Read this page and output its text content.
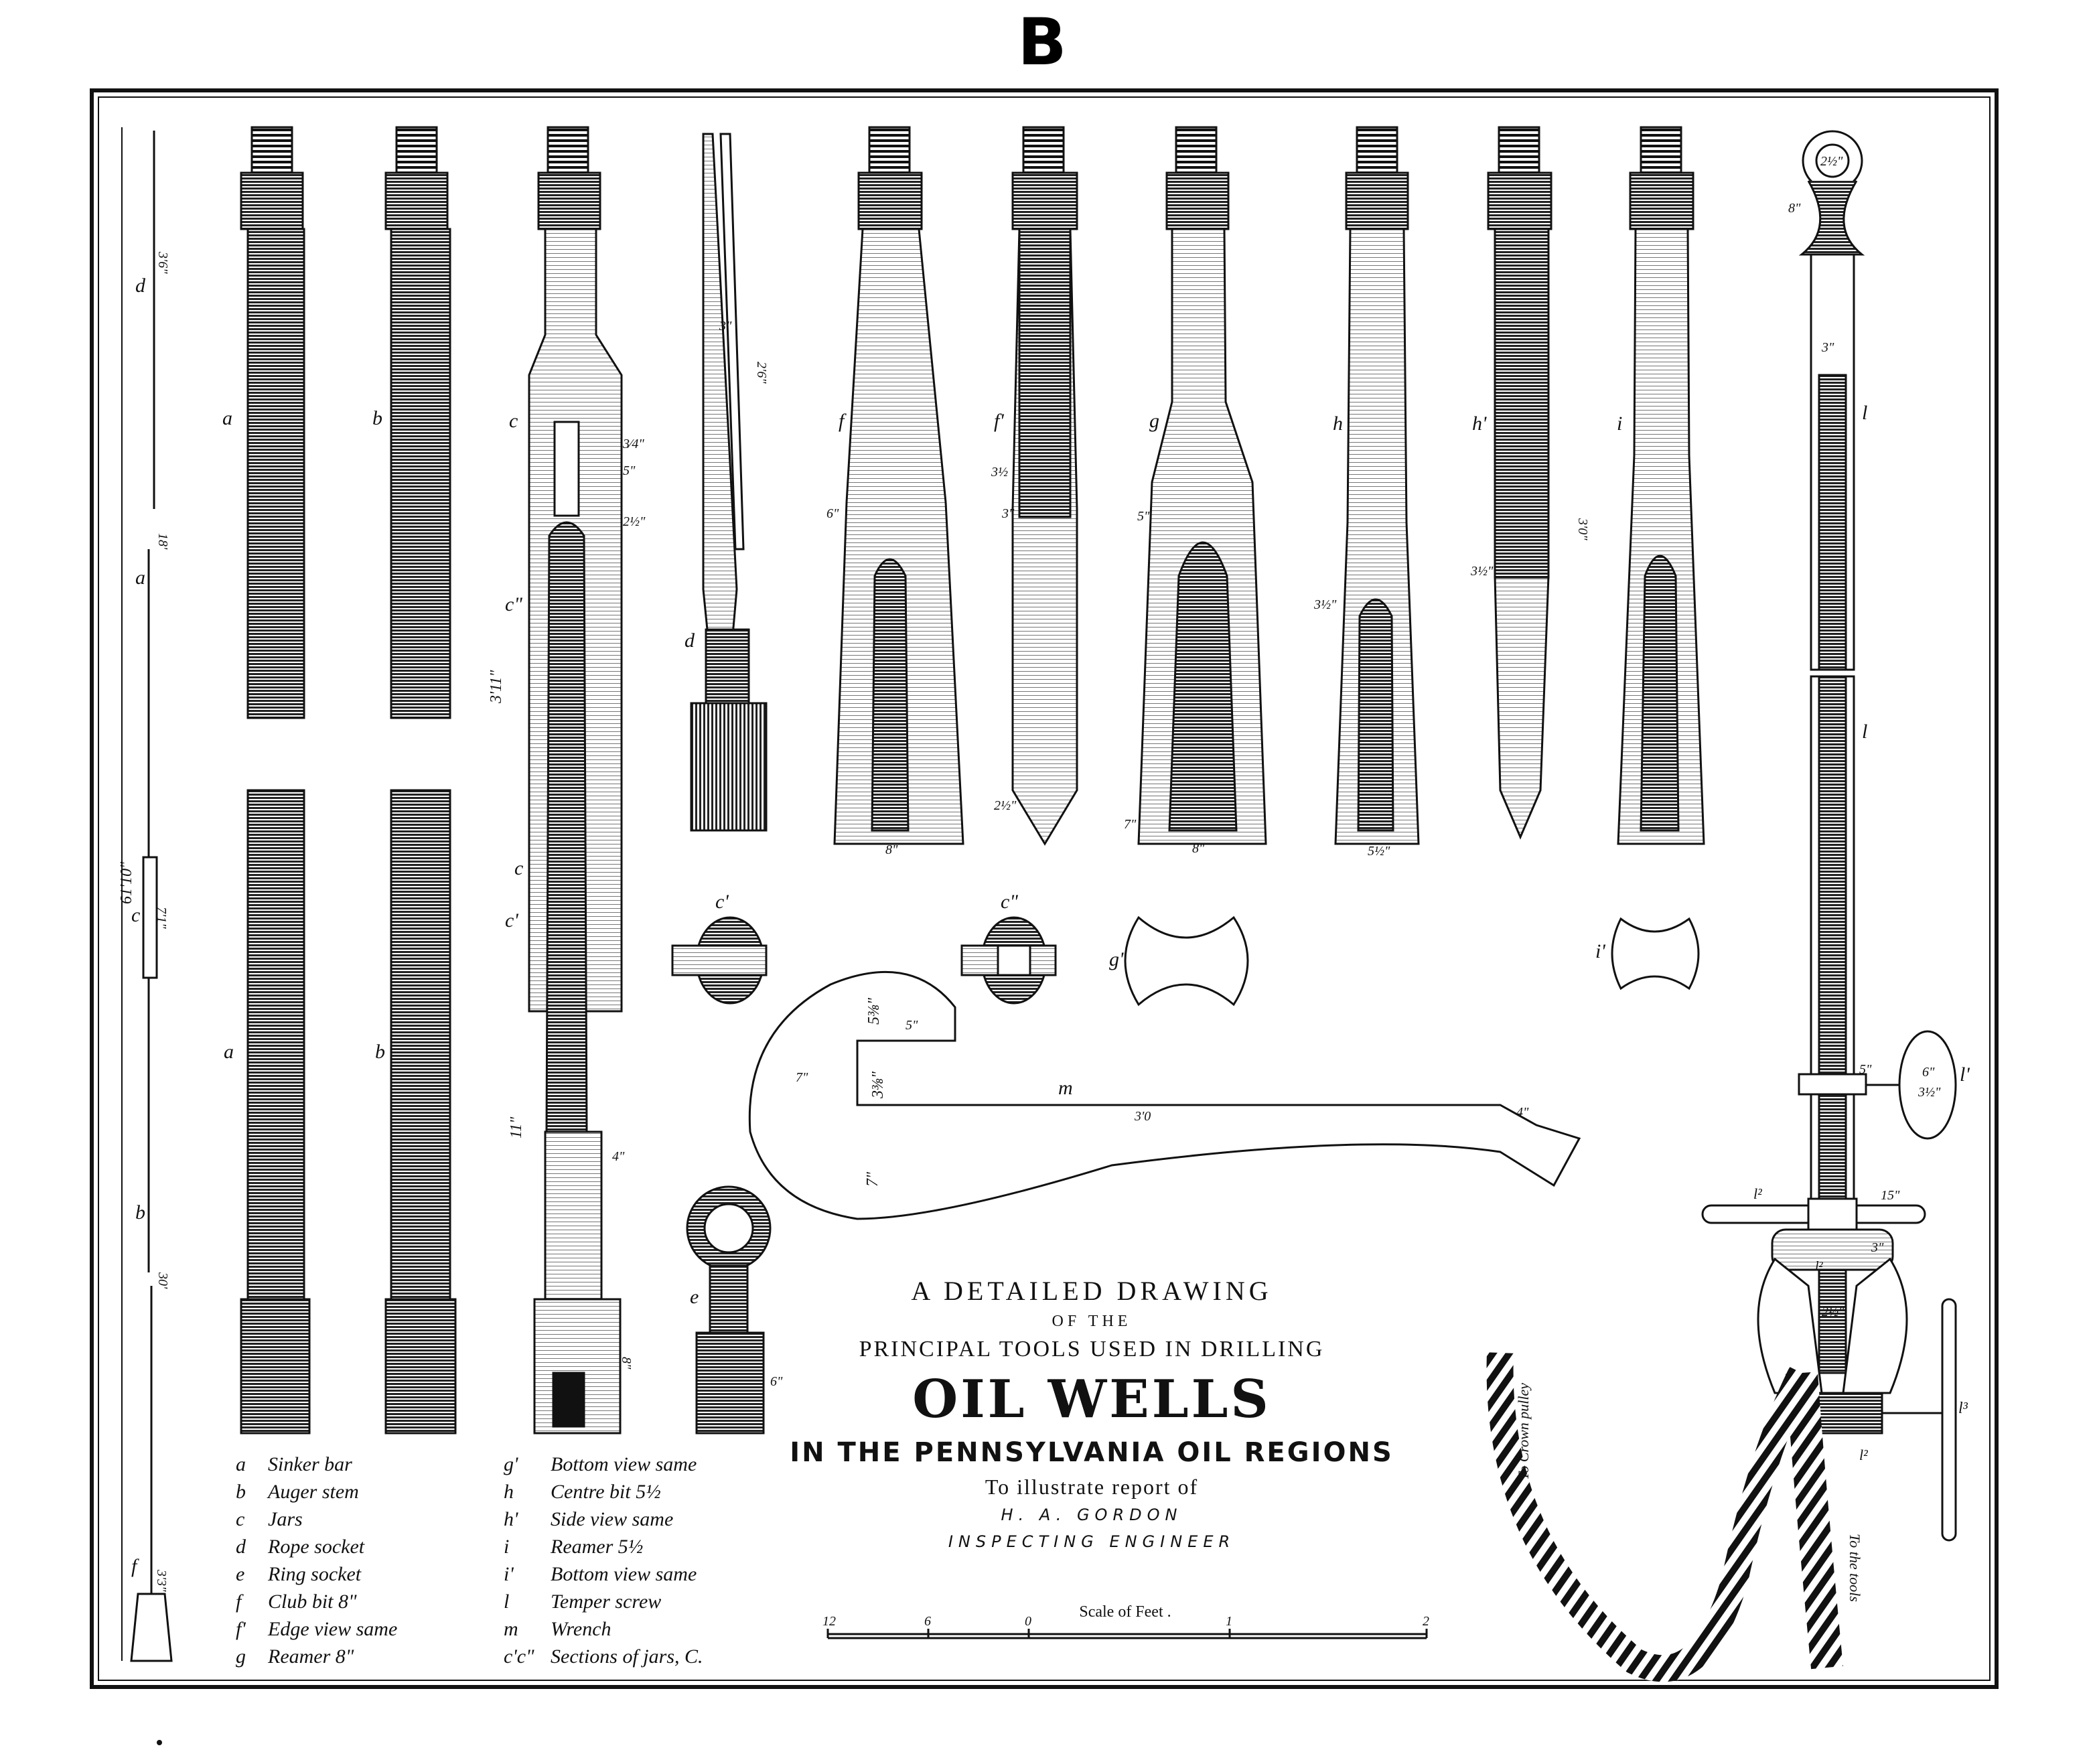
B
Scale of Feet .
12	6	0	1	2
A DETAILED DRAWING
OF THE
PRINCIPAL TOOLS USED IN DRILLING
OIL WELLS
IN THE PENNSYLVANIA OIL REGIONS
To illustrate report of
H. A. GORDON
INSPECTING ENGINEER
a Sinker bar
b Auger stem
c Jars
d Rope socket
e Ring socket
f Club bit 8"
f' Edge view same
g Reamer 8"
g' Bottom view same
h Centre bit 5½
h' Side view same
i Reamer 5½
i' Bottom view same
l Temper screw
m Wrench
c'c" Sections of jars, C.
a	b	c
c"
c
c'
a	b
d
f	f'	g	h	h'	i	l
l
l'
l²
l²
l³
e
m
c'	c"
g'	i'
d
a
c
b
f
61'10"
3'6"
18'
7'1"
30'
3'3"
3⁄4"
5"
2½"
3'11"
11"
4"
8"
3"
2'6"
8"
6"
3½
3"
2½"
5"
7"
8"
3½"
5½"
3½"
3'0"
5⅜"
5"
7"	3⅜"
7"
3'0	4"
6"
2½"
8"
3"
5"	6"
3½"
15"
l²
2½"
3"
To Crown pulley
To the tools
